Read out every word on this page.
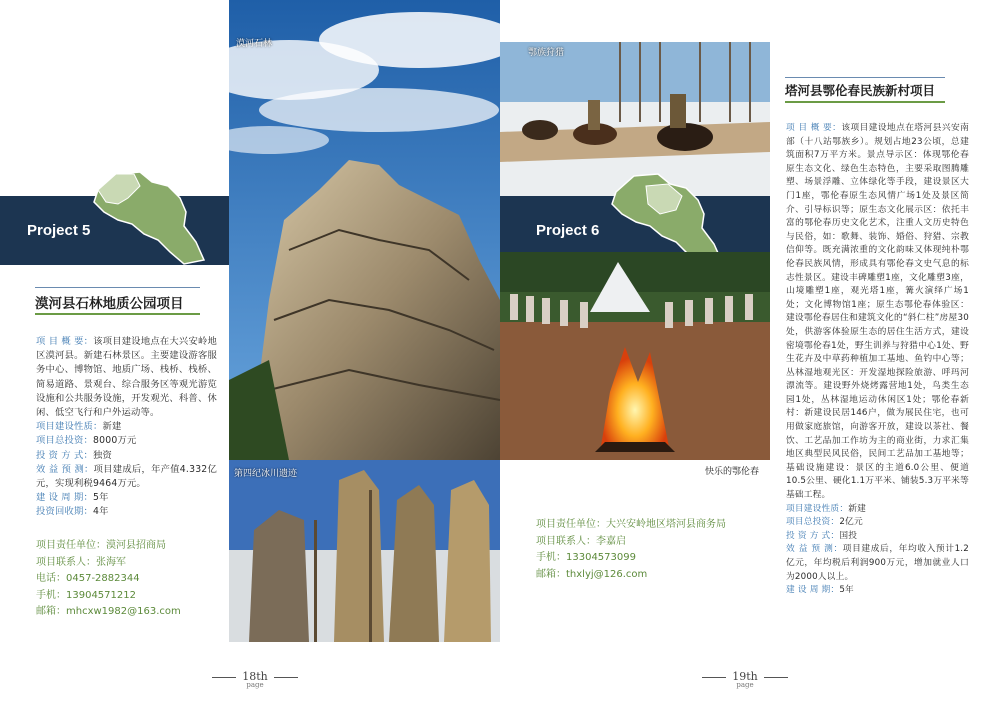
Project 5
漠河石林
第四纪冰川遗迹
漠河县石林地质公园项目

项 目 概 要：该项目建设地点在大兴安岭地区漠河县。新建石林景区。主要建设游客服务中心、博物馆、地质广场、栈桥、栈桥、简易道路、景观台、综合服务区等观光游览设施和公共服务设施，开发观光、科普、休闲、低空飞行和户外运动等。

项目建设性质：新建

项目总投资：8000万元

投 资 方 式：独资

效 益 预 测：项目建成后，年产值4.332亿元，实现利税9464万元。

建 设 周 期：5年

投资回收期：4年

项目责任单位：漠河县招商局
项目联系人：张海军
电话：0457-2882344
手机：13904571212
邮箱：mhcxw1982@163.com
18th
page
鄂族狩猎
Project 6
快乐的鄂伦春
项目责任单位：大兴安岭地区塔河县商务局
项目联系人：李嘉启
手机：13304573099
邮箱：thxlyj@126.com
塔河县鄂伦春民族新村项目

项 目 概 要：该项目建设地点在塔河县兴安南部（十八站鄂族乡）。规划占地23公顷，总建筑面积7万平方米。景点导示区：体现鄂伦春原生态文化、绿色生态特色，主要采取图腾雕塑、场景浮雕、立体绿化等手段，建设景区大门1座，鄂伦春原生态风情广场1处及景区简介、引导标识等；原生态文化展示区：依托丰富的鄂伦春历史文化艺术，注重人文历史特色与民俗，如：歌舞、装饰、婚俗、狩猎、宗教信仰等。既充满浓重的文化韵味又体现纯朴鄂伦春民族风情，形成具有鄂伦春文史气息的标志性景区。建设丰碑雕塑1座，文化雕塑3座，山境雕塑1座，观光塔1座，篝火演绎广场1处；文化博物馆1座；原生态鄂伦春体验区：建设鄂伦春居住和建筑文化的“斜仁柱”房屋30处，供游客体验原生态的居住生活方式，建设密境鄂伦春1处，野生训养与狩猎中心1处、野生花卉及中草药种植加工基地、鱼钓中心等；丛林湿地观光区：开发湿地探险旅游、呼玛河漂流等。建设野外烧烤露营地1处，鸟类生态园1处，丛林湿地运动休闲区1处；鄂伦春新村：新建设民居146户，做为展民住宅，也可用做家庭旅馆，向游客开放，建设以茶社、餐饮、工艺品加工作坊为主的商业街，力求汇集地区典型民风民俗，民间工艺品加工基地等；基础设施建设：景区的主道6.0公里、便道10.5公里、硬化1.1万平米、铺装5.3万平米等基础工程。

项目建设性质：新建

项目总投资：2亿元

投 资 方 式：国投

效 益 预 测：项目建成后，年均收入预计1.2亿元，年均税后利润900万元，增加就业人口为2000人以上。

建 设 周 期：5年

19th
page
